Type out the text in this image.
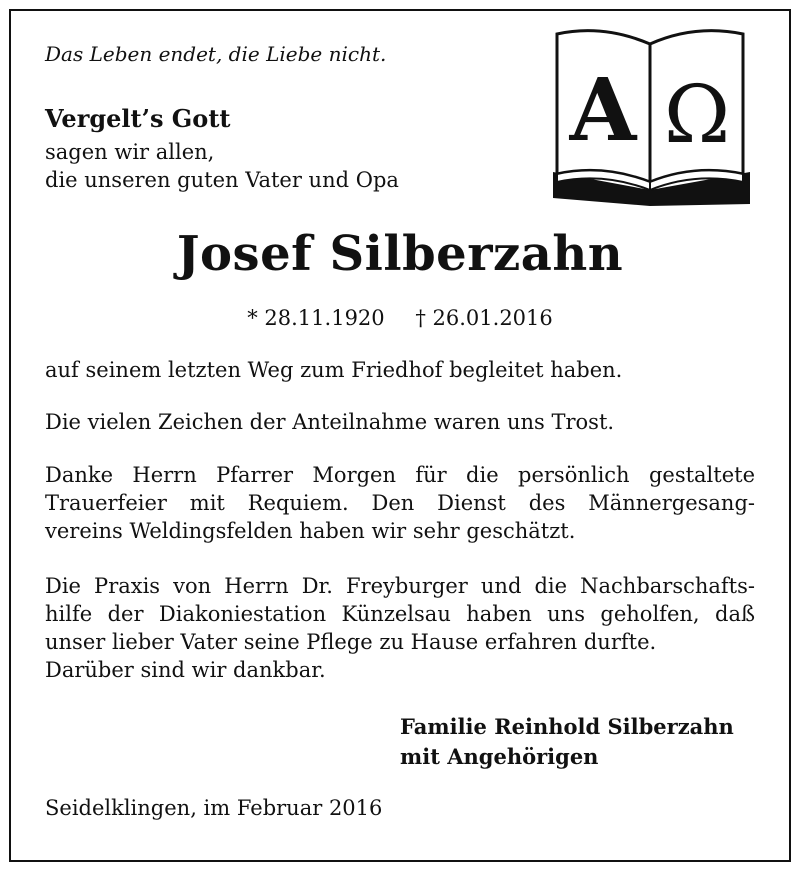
Das Leben endet, die Liebe nicht.
Vergelt’s Gott
sagen wir allen,
die unseren guten Vater und Opa
A Ω
Josef Silberzahn
* 28.11.1920 † 26.01.2016
auf seinem letzten Weg zum Friedhof begleitet haben.
Die vielen Zeichen der Anteilnahme waren uns Trost.
Danke Herrn Pfarrer Morgen für die persönlich gestaltete
Trauerfeier mit Requiem. Den Dienst des Männergesang-
vereins Weldingsfelden haben wir sehr geschätzt.
Die Praxis von Herrn Dr. Freyburger und die Nachbarschafts-
hilfe der Diakoniestation Künzelsau haben uns geholfen, daß
unser lieber Vater seine Pflege zu Hause erfahren durfte.
Darüber sind wir dankbar.
Familie Reinhold Silberzahn
mit Angehörigen
Seidelklingen, im Februar 2016
